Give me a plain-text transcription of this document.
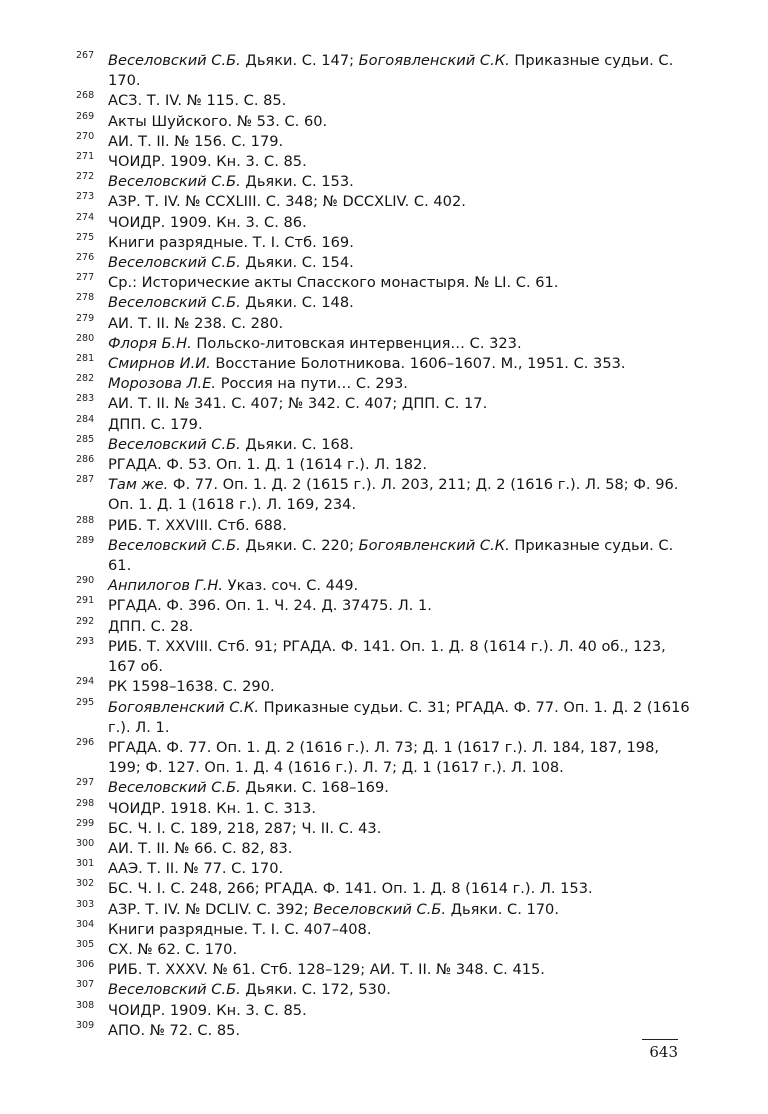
267 Веселовский С.Б. Дьяки. С. 147; Богоявленский С.К. Приказные судьи. С. 170.
268 АСЗ. Т. IV. № 115. С. 85.
269 Акты Шуйского. № 53. С. 60.
270 АИ. Т. II. № 156. С. 179.
271 ЧОИДР. 1909. Кн. 3. С. 85.
272 Веселовский С.Б. Дьяки. С. 153.
273 АЗР. Т. IV. № CCXLIII. С. 348; № DCCXLIV. С. 402.
274 ЧОИДР. 1909. Кн. 3. С. 86.
275 Книги разрядные. Т. I. Стб. 169.
276 Веселовский С.Б. Дьяки. С. 154.
277 Ср.: Исторические акты Спасского монастыря. № LI. С. 61.
278 Веселовский С.Б. Дьяки. С. 148.
279 АИ. Т. II. № 238. С. 280.
280 Флоря Б.Н. Польско-литовская интервенция… С. 323.
281 Смирнов И.И. Восстание Болотникова. 1606–1607. М., 1951. С. 353.
282 Морозова Л.Е. Россия на пути… С. 293.
283 АИ. Т. II. № 341. С. 407; № 342. С. 407; ДПП. С. 17.
284 ДПП. С. 179.
285 Веселовский С.Б. Дьяки. С. 168.
286 РГАДА. Ф. 53. Оп. 1. Д. 1 (1614 г.). Л. 182.
287 Там же. Ф. 77. Оп. 1. Д. 2 (1615 г.). Л. 203, 211; Д. 2 (1616 г.). Л. 58; Ф. 96. Оп. 1. Д. 1 (1618 г.). Л. 169, 234.
288 РИБ. Т. XXVIII. Стб. 688.
289 Веселовский С.Б. Дьяки. С. 220; Богоявленский С.К. Приказные судьи. С. 61.
290 Анпилогов Г.Н. Указ. соч. С. 449.
291 РГАДА. Ф. 396. Оп. 1. Ч. 24. Д. 37475. Л. 1.
292 ДПП. С. 28.
293 РИБ. Т. XXVIII. Стб. 91; РГАДА. Ф. 141. Оп. 1. Д. 8 (1614 г.). Л. 40 об., 123, 167 об.
294 РК 1598–1638. С. 290.
295 Богоявленский С.К. Приказные судьи. С. 31; РГАДА. Ф. 77. Оп. 1. Д. 2 (1616 г.). Л. 1.
296 РГАДА. Ф. 77. Оп. 1. Д. 2 (1616 г.). Л. 73; Д. 1 (1617 г.). Л. 184, 187, 198, 199; Ф. 127. Оп. 1. Д. 4 (1616 г.). Л. 7; Д. 1 (1617 г.). Л. 108.
297 Веселовский С.Б. Дьяки. С. 168–169.
298 ЧОИДР. 1918. Кн. 1. С. 313.
299 БС. Ч. I. С. 189, 218, 287; Ч. II. С. 43.
300 АИ. Т. II. № 66. С. 82, 83.
301 ААЭ. Т. II. № 77. С. 170.
302 БС. Ч. I. С. 248, 266; РГАДА. Ф. 141. Оп. 1. Д. 8 (1614 г.). Л. 153.
303 АЗР. Т. IV. № DCLIV. С. 392; Веселовский С.Б. Дьяки. С. 170.
304 Книги разрядные. Т. I. С. 407–408.
305 СХ. № 62. С. 170.
306 РИБ. Т. XXXV. № 61. Стб. 128–129; АИ. Т. II. № 348. С. 415.
307 Веселовский С.Б. Дьяки. С. 172, 530.
308 ЧОИДР. 1909. Кн. 3. С. 85.
309 АПО. № 72. С. 85.
643
